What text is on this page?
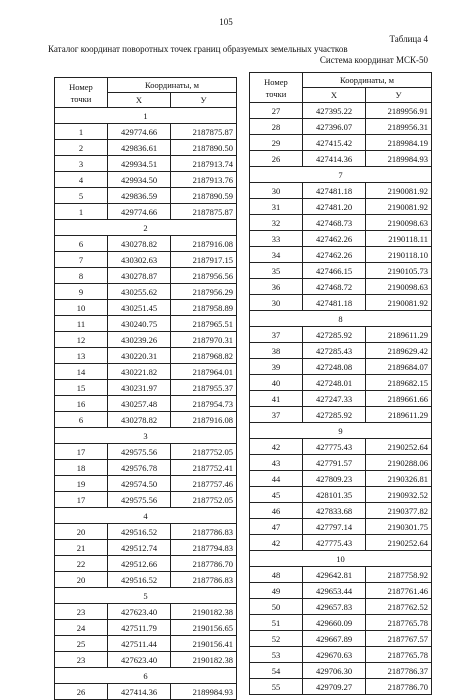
105
Таблица 4
Каталог координат поворотных точек границ образуемых земельных участков
Система координат МСК-50
Номер
точки	Координаты, м	
	X	У
1		
1	429774.66	2187875.87
2	429836.61	2187890.50
3	429934.51	2187913.74
4	429934.50	2187913.76
5	429836.59	2187890.59
1	429774.66	2187875.87
2		
6	430278.82	2187916.08
7	430302.63	2187917.15
8	430278.87	2187956.56
9	430255.62	2187956.29
10	430251.45	2187958.89
11	430240.75	2187965.51
12	430239.26	2187970.31
13	430220.31	2187968.82
14	430221.82	2187964.01
15	430231.97	2187955.37
16	430257.48	2187954.73
6	430278.82	2187916.08
3		
17	429575.56	2187752.05
18	429576.78	2187752.41
19	429574.50	2187757.46
17	429575.56	2187752.05
4		
20	429516.52	2187786.83
21	429512.74	2187794.83
22	429512.66	2187786.70
20	429516.52	2187786.83
5		
23	427623.40	2190182.38
24	427511.79	2190156.65
25	427511.44	2190156.41
23	427623.40	2190182.38
6		
26	427414.36	2189984.93
Номер
точки	Координаты, м	
	X	У
27	427395.22	2189956.91
28	427396.07	2189956.31
29	427415.42	2189984.19
26	427414.36	2189984.93
7		
30	427481.18	2190081.92
31	427481.20	2190081.92
32	427468.73	2190098.63
33	427462.26	2190118.11
34	427462.26	2190118.10
35	427466.15	2190105.73
36	427468.72	2190098.63
30	427481.18	2190081.92
8		
37	427285.92	2189611.29
38	427285.43	2189629.42
39	427248.08	2189684.07
40	427248.01	2189682.15
41	427247.33	2189661.66
37	427285.92	2189611.29
9		
42	427775.43	2190252.64
43	427791.57	2190288.06
44	427809.23	2190326.81
45	428101.35	2190932.52
46	427833.68	2190377.82
47	427797.14	2190301.75
42	427775.43	2190252.64
10		
48	429642.81	2187758.92
49	429653.44	2187761.46
50	429657.83	2187762.52
51	429660.09	2187765.78
52	429667.89	2187767.57
53	429670.63	2187765.78
54	429706.30	2187786.37
55	429709.27	2187786.70
